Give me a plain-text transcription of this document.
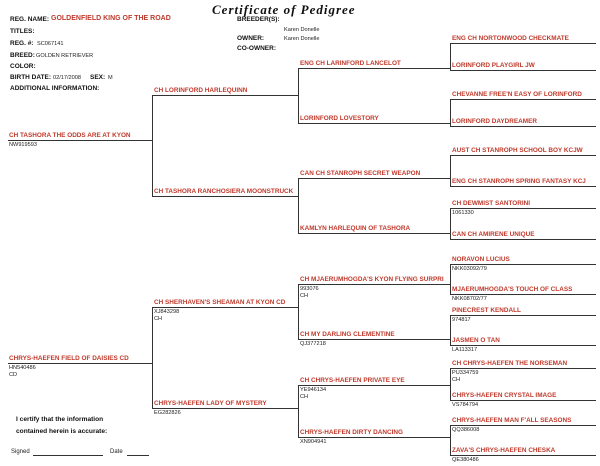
Certificate of Pedigree
REG. NAME: GOLDENFIELD KING OF THE ROAD
TITLES:
REG. #: SC067141
BREED: GOLDEN RETRIEVER
COLOR:
BIRTH DATE: 02/17/2008 SEX: M
ADDITIONAL INFORMATION:
BREEDER(S):
Karen Donelle
OWNER:	Karen Donelle
CO-OWNER:
CH TASHORA THE ODDS ARE AT KYON
NW919593
CHRYS-HAEFEN FIELD OF DAISIES CD
HN540486
CD
CH LORINFORD HARLEQUINN
CH TASHORA RANCHOSIERA MOONSTRUCK
CH SHERHAVEN'S SHEAMAN AT KYON CD
XJ843298
CH
CHRYS-HAEFEN LADY OF MYSTERY
EG282826
ENG CH LARINFORD LANCELOT
LORINFORD LOVESTORY
CAN CH STANROPH SECRET WEAPON
KAMLYN HARLEQUIN OF TASHORA
CH MJAERUMHOGDA'S KYON FLYING SURPRI
993076
CH
CH MY DARLING CLEMENTINE
QJ377218
CH CHRYS-HAEFEN PRIVATE EYE
YE946134
CH
CHRYS-HAEFEN DIRTY DANCING
XN904941
ENG CH NORTONWOOD CHECKMATE
LORINFORD PLAYGIRL JW
CHEVANNE FREE'N EASY OF LORINFORD
LORINFORD DAYDREAMER
AUST CH STANROPH SCHOOL BOY KCJW
ENG CH STANROPH SPRING FANTASY KCJ
CH DEWMIST SANTORINI
1061330
CAN CH AMIRENE UNIQUE
NORAVON LUCIUS
NKK03092/79
MJAERUMHOGDA'S TOUCH OF CLASS
NKK08702/77
PINECREST KENDALL
974817
JASMEN O TAN
LA113317
CH CHRYS-HAEFEN THE NORSEMAN
PU334759
CH
CHRYS-HAEFEN CRYSTAL IMAGE
VS784794
CHRYS-HAEFEN MAN F'ALL SEASONS
QQ386008
ZAVA'S CHRYS-HAEFEN CHESKA
QE380486
I certify that the information
contained herein is accurate:
Signed	Date
